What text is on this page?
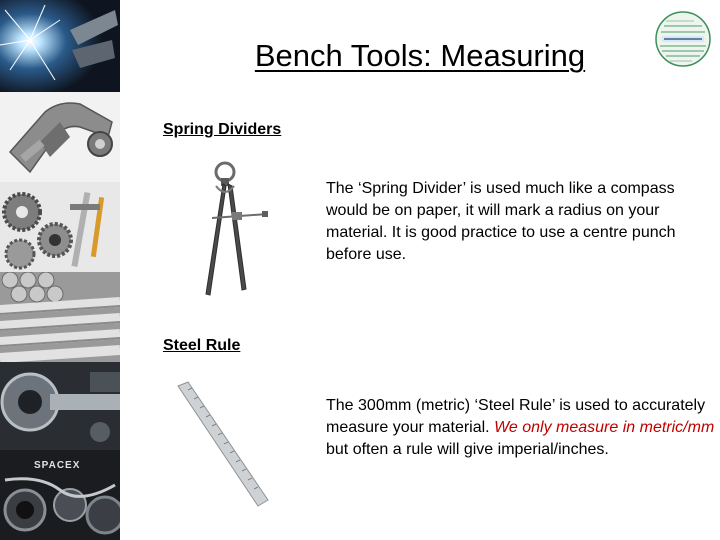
SPACEX
Bench Tools: Measuring
Spring Dividers
The ‘Spring Divider’ is used much like a compass would be on paper, it will mark a radius on your material. It is good practice to use a centre punch before use.
Steel Rule
The 300mm (metric) ‘Steel Rule’ is used to accurately measure your material. We only measure in metric/mm but often a rule will give imperial/inches.
